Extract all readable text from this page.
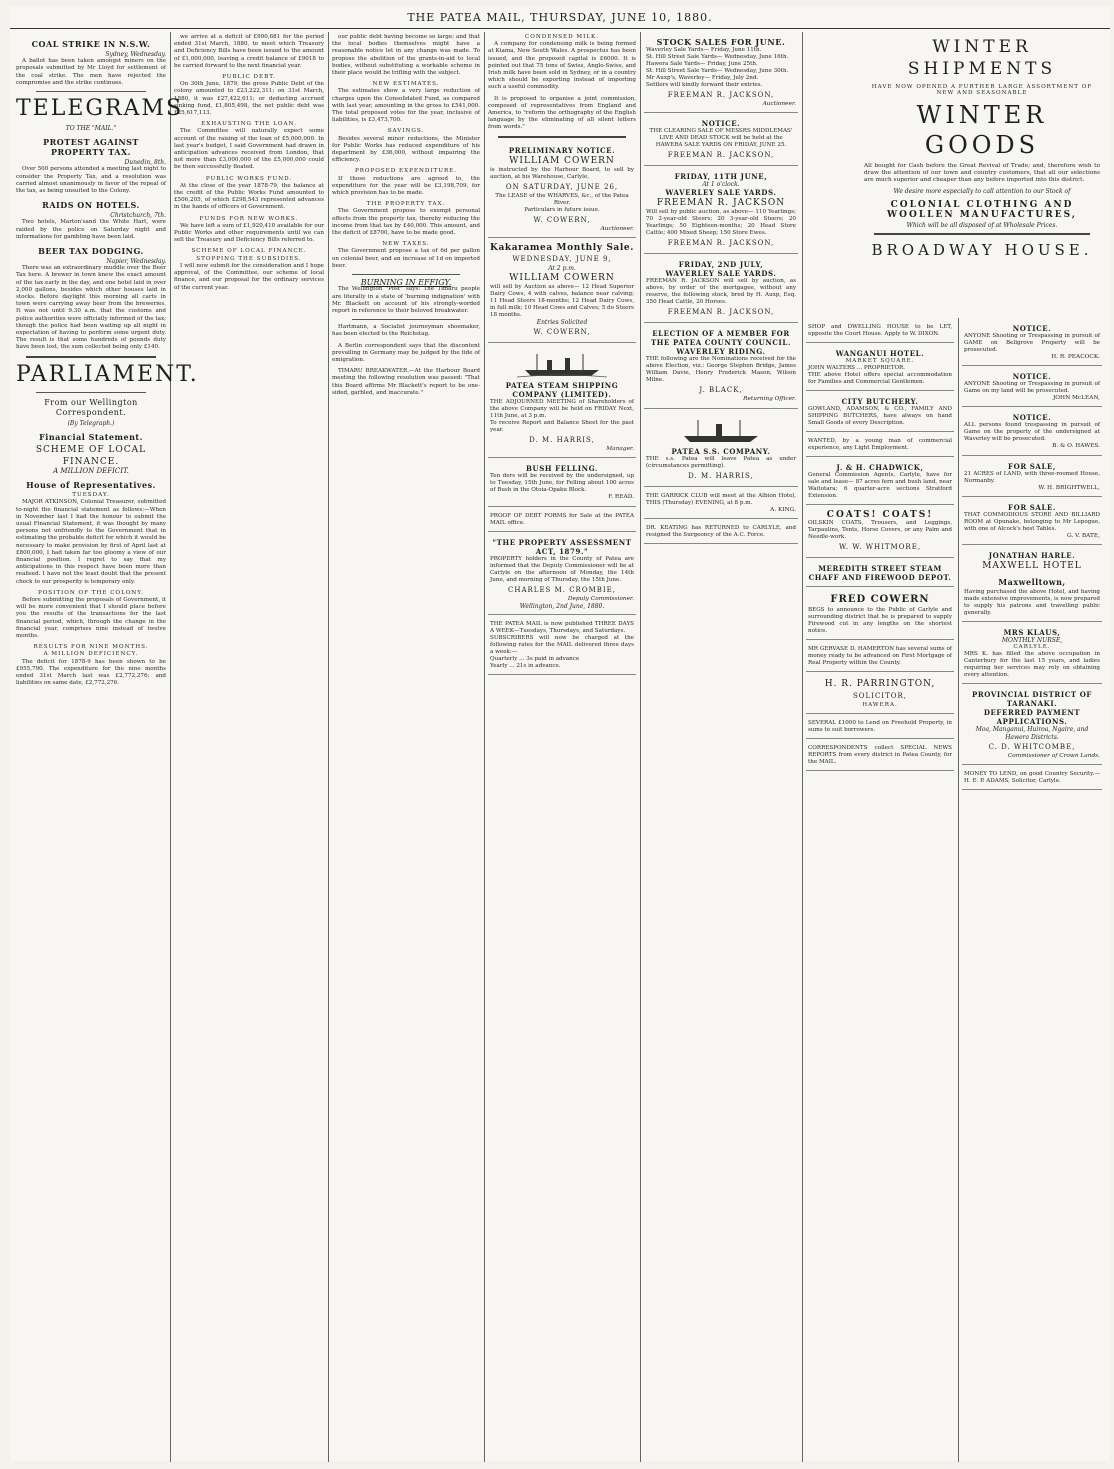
THE PATEA MAIL, THURSDAY, JUNE 10, 1880.
COAL STRIKE IN N.S.W.
Sydney, Wednesday.

A ballot has been taken amongst miners on the proposals submitted by Mr Lloyd for settlement of the coal strike. The men have rejected the compromise and the strike continues.

TELEGRAMS
TO THE "MAIL."
PROTEST AGAINST PROPERTY TAX.
Dunedin, 8th.

Over 500 persons attended a meeting last night to consider the Property Tax, and a resolution was carried almost unanimously in favor of the repeal of the tax, as being unsuited to the Colony.

RAIDS ON HOTELS.
Christchurch, 7th.

Two hotels, Marton'sand the White Hart, were raided by the police on Saturday night and informations for gambling have been laid.

BEER TAX DODGING.
Napier, Wednesday.

There was an extraordinary muddle over the Beer Tax here. A brewer in town knew the exact amount of the tax early in the day, and one hotel laid in over 2,000 gallons, besides which other houses laid in stocks. Before daylight this morning all carts in town were carrying away beer from the breweries. It was not until 9.30 a.m. that the customs and police authorities were officially informed of the tax; though the police had been waiting up all night in expectation of having to perform some urgent duty. The result is that some hundreds of pounds duty have been lost, the sum collected being only £140.

PARLIAMENT.
From our Wellington Correspondent.
(By Telegraph.)
Financial Statement.
SCHEME OF LOCAL FINANCE.
A MILLION DEFICIT.
House of Representatives.
TUESDAY.

MAJOR ATKINSON, Colonial Treasurer, submitted to-night the financial statement as follows:—When in November last I had the honour to submit the usual Financial Statement, it was thought by many persons not unfriendly to the Government that in estimating the probable deficit for which it would be necessary to make provision by first of April last at £800,000, I had taken far too gloomy a view of our financial position. I regret to say that my anticipations in this respect have been more than realised. I have not the least doubt that the present check to our prosperity is temporary only.

POSITION OF THE COLONY.

Before submitting the proposals of Government, it will be more convenient that I should place before you the results of the transactions for the last financial period, which, through the change in the financial year, comprises nine instead of twelve months.

RESULTS FOR NINE MONTHS.
A MILLION DEFICIENCY.

The deficit for 1878-9 has been shown to be £955,790. The expenditure for the nine months ended 31st March last was £2,772,276; and liabilities on same date, £2,772,276.

we arrive at a deficit of £990,681 for the period ended 31st March, 1880, to meet which Treasury and Deficiency Bills have been issued to the amount of £1,000,000, leaving a credit balance of £9018 to be carried forward to the next financial year.

PUBLIC DEBT.

On 30th June, 1879, the gross Public Debt of the colony amounted to £23,222,311; on 31st March, 1880, it was £27,422,611; or deducting accrued sinking fund, £1,805,498, the net public debt was £25,617,113.

EXHAUSTING THE LOAN.

The Committee will naturally expect some account of the raising of the loan of £5,000,000. In last year's budget, I said Government had drawn in anticipation advances received from London, that not more than £3,000,000 of the £5,000,000 could be then successfully floated.

PUBLIC WORKS FUND.

At the close of the year 1878-79, the balance at the credit of the Public Works Fund amounted to £506,205, of which £298,543 represented advances in the hands of officers of Government.

FUNDS FOR NEW WORKS.

We have left a sum of £1,920,410 available for our Public Works and other requirements until we can sell the Treasury and Deficiency Bills referred to.

SCHEME OF LOCAL FINANCE.
STOPPING THE SUBSIDIES.

I will now submit for the consideration and I hope approval, of the Committee, our scheme of local finance, and our proposal for the ordinary services of the current year.

our public debt having become so large; and that the local bodies themselves might have a reasonable notice let in any change was made. To propose the abolition of the grants-in-aid to local bodies, without substituting a workable scheme in their place would be trifling with the subject.

NEW ESTIMATES.

The estimates show a very large reduction of charges upon the Consolidated Fund, as compared with last year, amounting in the gross to £541,000. The total proposed votes for the year, inclusive of liabilities, is £3,473,700.

SAVINGS.

Besides several minor reductions, the Minister for Public Works has reduced expenditure of his department by £36,000, without impairing the efficiency.

PROPOSED EXPENDITURE.

If those reductions are agreed to, the expenditure for the year will be £3,198,709, for which provision has to be made.

THE PROPERTY TAX.

The Government propose to exempt personal effects from the property tax, thereby reducing the income from that tax by £40,000. This amount, and the deficit of £8700, have to be made good.

NEW TAXES.

The Government propose a tax of 6d per gallon on colonial beer, and an increase of 1d on imported beer.

BURNING IN EFFIGY.

The Wellington "Post" says: The Timaru people are literally in a state of 'burning indignation' with Mr. Blackett on account of his strongly-worded report in reference to their beloved breakwater.

Hartmann, a Socialist journeyman shoemaker, has been elected to the Reichstag.

A Berlin correspondent says that the discontent prevailing in Germany may be judged by the tide of emigration.

TIMARU BREAKWATER.—At the Harbour Board meeting the following resolution was passed: "That this Board affirms Mr Blackett's report to be one-sided, garbled, and inaccurate."

CONDENSED MILK.

A company for condensing milk is being formed at Kiama, New South Wales. A prospectus has been issued, and the proposed capital is £6000. It is pointed out that 75 tons of Swiss, Anglo-Swiss, and Irish milk have been sold in Sydney, or in a country which should be exporting instead of importing such a useful commodity.

It is proposed to organise a joint commission, composed of representatives from England and America, to "reform the orthography of the English language by the eliminating of all silent letters from words."

PRELIMINARY NOTICE.
WILLIAM COWERN
is instructed by the Harbour Board, to sell by auction, at his Warehouse, Carlyle,
ON SATURDAY, JUNE 26,
The LEASE of the WHARVES, &c., of the Patea River.
Particulars in future issue.
W. COWERN,
Auctioneer.
Kakaramea Monthly Sale.
WEDNESDAY, JUNE 9,
At 2 p.m.
WILLIAM COWERN
will sell by Auction as above— 12 Head Superior Dairy Cows, 4 with calves, balance near calving; 11 Head Steers 18-months; 12 Head Dairy Cows, in full milk; 10 Head Cows and Calves; 5 do Steers 18 months.
Entries Solicited
W. COWERN,
PATEA STEAM SHIPPING COMPANY (LIMITED).
THE ADJOURNED MEETING of Shareholders of the above Company will be held on FRIDAY Next, 11th June, at 3 p.m.
To receive Report and Balance Sheet for the past year.
D. M. HARRIS,
Manager.
BUSH FELLING.
Ten ders will be received by the undersigned, up to Tuesday, 15th June, for Felling about 100 acres of Bush in the Otoia-Opaku Block.
F. READ.
PROOF OF DEBT FORMS for Sale at the PATEA MAIL office.
"THE PROPERTY ASSESSMENT ACT, 1879."
PROPERTY holders in the County of Patea are informed that the Deputy Commissioner will be at Carlyle on the afternoon of Monday, the 14th June, and morning of Thursday, the 15th June.
CHARLES M. CROMBIE,
Deputy Commissioner.
Wellington, 2nd June, 1880.
THE PATEA MAIL is now published THREE DAYS A WEEK—Tuesdays, Thursdays, and Saturdays.
SUBSCRIBERS will now be charged at the following rates for the MAIL delivered three days a week:—
Quarterly ... 3s paid in advance
Yearly ... 21s in advance.
STOCK SALES FOR JUNE.
Waverley Sale Yards— Friday, June 11th.
St. Hill Street Sale Yards— Wednesday, June 16th.
Hawera Sale Yards— Friday, June 25th.
St. Hill Street Sale Yards— Wednesday, June 30th.
Mr Auxp's, Waverley— Friday, July 2nd.
Settlers will kindly forward their entries.
FREEMAN R. JACKSON,
Auctioneer.
NOTICE.
THE CLEARING SALE OF MESSRS MIDDLEMAS' LIVE AND DEAD STOCK will be held at the HAWERA SALE YARDS ON FRIDAY, JUNE 25.
FREEMAN R. JACKSON,
FRIDAY, 11TH JUNE,
At 1 o'clock.
WAVERLEY SALE YARDS.
FREEMAN R. JACKSON
Will sell by public auction, as above— 110 Yearlings; 70 2-year-old Steers; 20 3-year-old Steers; 20 Yearlings; 50 Eighteen-months; 20 Head Store Cattle; 400 Mixed Sheep; 150 Store Ewes.
FREEMAN R. JACKSON,
FRIDAY, 2ND JULY,
WAVERLEY SALE YARDS.
FREEMAN R. JACKSON will sell by auction, as above, by order of the mortgagee, without any reserve, the following stock, bred by H. Auxp, Esq. 350 Head Cattle, 20 Horses.
FREEMAN R. JACKSON,
ELECTION OF A MEMBER FOR THE PATEA COUNTY COUNCIL.
WAVERLEY RIDING.
THE following are the Nominations received for the above Election, viz.: George Stephen Bridge, James William Davie, Henry Frederick Mason, Wilson Milne.
J. BLACK,
Returning Officer.
PATEA S.S. COMPANY.
THE s.s. Patea will leave Patea as under (circumstances permitting).
D. M. HARRIS,
THE GARRICK CLUB will meet at the Albion Hotel, THIS (Thursday) EVENING, at 8 p.m.
A. KING.
DR. KEATING has RETURNED to CARLYLE, and resigned the Surgeoncy of the A.C. Force.
WINTER SHIPMENTS
HAVE NOW OPENED A FURTHER LARGE ASSORTMENT OF NEW AND SEASONABLE
WINTER GOODS
All bought for Cash before the Great Revival of Trade; and, therefore wish to draw the attention of our town and country customers, that all our selections are much superior and cheaper than any before imported into this district.
We desire more especially to call attention to our Stock of
COLONIAL CLOTHING AND WOOLLEN MANUFACTURES,
Which will be all disposed of at Wholesale Prices.
BROADWAY HOUSE.
SHOP and DWELLING HOUSE to be LET, opposite the Court House. Apply to W. DIXON.
WANGANUI HOTEL.
MARKET SQUARE.
JOHN WALTERS ... PROPRIETOR.
THE above Hotel offers special accommodation for Families and Commercial Gentlemen.
CITY BUTCHERY.
GOWLAND, ADAMSON, & CO., FAMILY AND SHIPPING BUTCHERS, have always on hand Small Goods of every Description.
WANTED, by a young man of commercial experience, any Light Employment.
J. & H. CHADWICK,
General Commission Agents, Carlyle, have for sale and lease— 87 acres fern and bush land, near Waitotara; 6 quarter-acre sections Stratford Extension.
COATS! COATS!
OILSKIN COATS, Trousers, and Leggings, Tarpaulins, Tents, Horse Covers, or any Palm and Needle-work.
W. W. WHITMORE,
MEREDITH STREET STEAM CHAFF AND FIREWOOD DEPOT.
FRED COWERN
BEGS to announce to the Public of Carlyle and surrounding district that he is prepared to supply Firewood cut in any lengths on the shortest notice.
MR GERVASE D. HAMERTON has several sums of money ready to be advanced on First Mortgage of Real Property within the County.
H. R. PARRINGTON,
SOLICITOR,
HAWERA.
SEVERAL £1000 to Lend on Freehold Property, in sums to suit borrowers.
CORRESPONDENTS collect SPECIAL NEWS REPORTS from every district in Patea County, for the MAIL.
NOTICE.
ANYONE Shooting or Trespassing in pursuit of GAME on Bellgrove Property will be prosecuted.
H. R. PEACOCK.
NOTICE.
ANYONE Shooting or Trespassing in pursuit of Game on my land will be prosecuted.
JOHN McLEAN,
NOTICE.
ALL persons found trespassing in pursuit of Game on the property of the undersigned at Waverley will be prosecuted.
B. & O. HAWES.
FOR SALE,
21 ACRES of LAND, with three-roomed House, Normanby.
W. H. BRIGHTWELL,
FOR SALE.
THAT COMMODIOUS STORE AND BILLIARD ROOM at Opunake, belonging to Mr Lepogue, with one of Alcock's best Tables.
G. V. BATE,
JONATHAN HARLE.
MAXWELL HOTEL
Maxwelltown,
Having purchased the above Hotel, and having made extensive improvements, is now prepared to supply his patrons and travelling public generally.
MRS KLAUS,
MONTHLY NURSE,
CARLYLE.
MRS K. has filled the above occupation in Canterbury for the last 15 years, and ladies requiring her services may rely on obtaining every attention.
PROVINCIAL DISTRICT OF TARANAKI.
DEFERRED PAYMENT APPLICATIONS.
Moa, Manganui, Huiroa, Ngaire, and Hawera Districts.
C. D. WHITCOMBE,
Commissioner of Crown Lands.
MONEY TO LEND, on good Country Security.—H. E. P. ADAMS, Solicitor, Carlyle.
